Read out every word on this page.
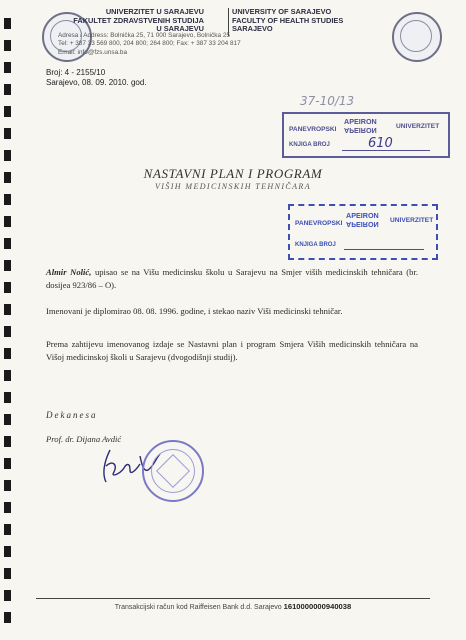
UNIVERZITET U SARAJEVU
FAKULTET ZDRAVSTVENIH STUDIJA
U SARAJEVU
UNIVERSITY OF SARAJEVO
FACULTY OF HEALTH STUDIES
SARAJEVO
Adresa / Address: Bolnička 25, 71 000 Sarajevo, Bolnička 25
Tel: + 387 33 569 800, 204 800; 264 800; Fax: + 387 33 204 817
Email: info@fzs.unsa.ba
Broj: 4 - 2155/10
Sarajevo, 08. 09. 2010. god.
37-10/13
PANEVROPSKI
APEIRON
APEIRON	UNIVERZITET
KNJIGA BROJ	610
NASTAVNI PLAN I PROGRAM
VIŠIH MEDICINSKIH TEHNIČARA
PANEVROPSKI
APEIRON
APEIRON UNIVERZITET
KNJIGA BROJ

Almir Nolić, upisao se na Višu medicinsku školu u Sarajevu na Smjer viših medicinskih tehničara (br. dosijea 923/86 – O).

Imenovani je diplomirao 08. 08. 1996. godine, i stekao naziv Viši medicinski tehničar.

Prema zahtijevu imenovanog izdaje se Nastavni plan i program Smjera Viših medicinskih tehničara na Višoj medicinskoj školi u Sarajevu (dvogodišnji studij).

Dekanesa
Prof. dr. Dijana Avdić
Transakcijski račun kod Raiffeisen Bank d.d. Sarajevo 1610000000940038
